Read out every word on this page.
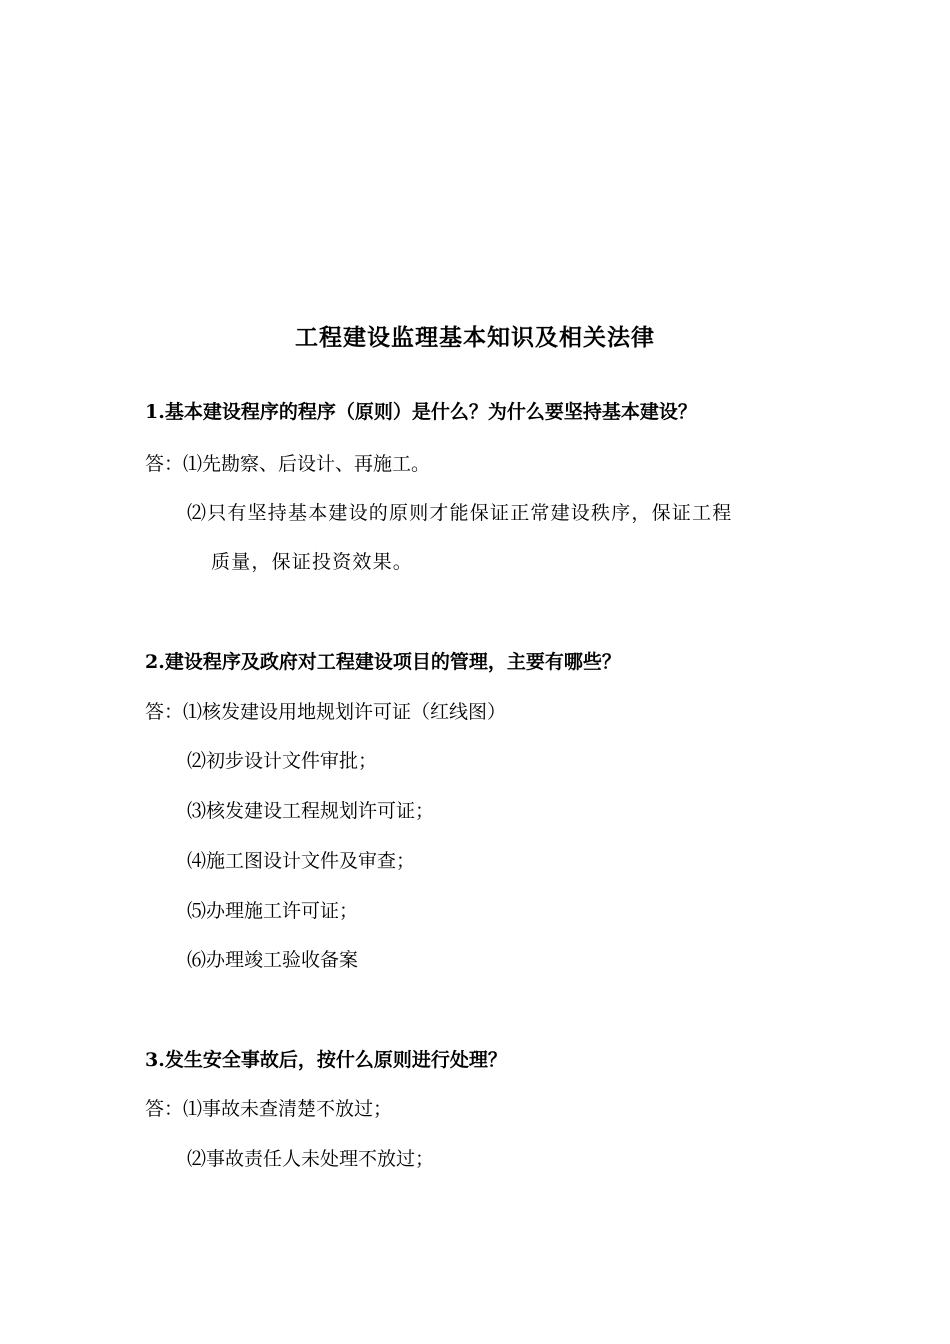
工程建设监理基本知识及相关法律
1.基本建设程序的程序（原则）是什么？为什么要坚持基本建设？
答：⑴先勘察、后设计、再施工。
⑵只有坚持基本建设的原则才能保证正常建设秩序，保证工程
质量，保证投资效果。
2.建设程序及政府对工程建设项目的管理，主要有哪些？
答：⑴核发建设用地规划许可证（红线图）
⑵初步设计文件审批；
⑶核发建设工程规划许可证；
⑷施工图设计文件及审查；
⑸办理施工许可证；
⑹办理竣工验收备案
3.发生安全事故后，按什么原则进行处理？
答：⑴事故未查清楚不放过；
⑵事故责任人未处理不放过；
